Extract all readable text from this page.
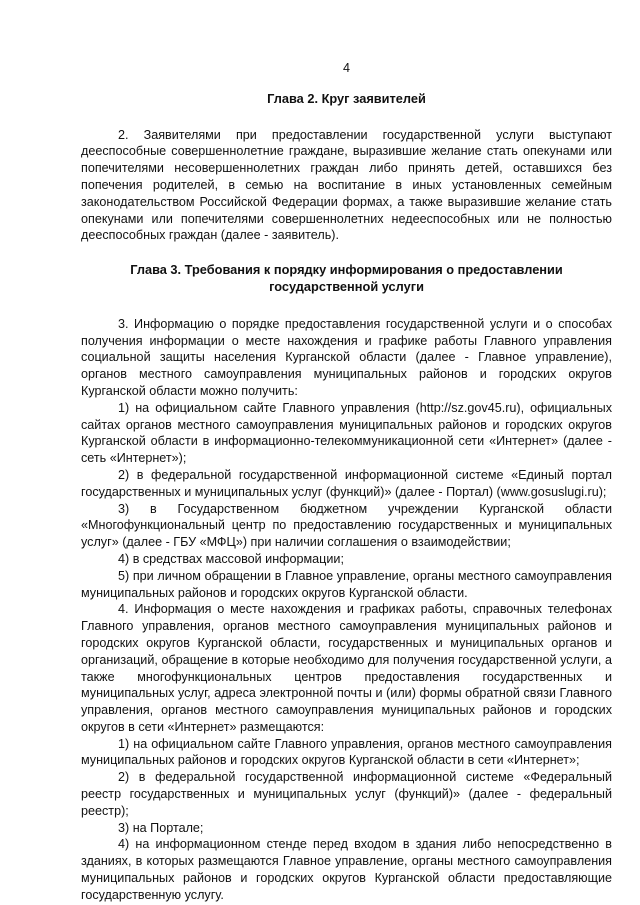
4
Глава 2. Круг заявителей

2. Заявителями при предоставлении государственной услуги выступают дееспособные совершеннолетние граждане, выразившие желание стать опекунами или попечителями несовершеннолетних граждан либо принять детей, оставшихся без попечения родителей, в семью на воспитание в иных установленных семейным законодательством Российской Федерации формах, а также выразившие желание стать опекунами или попечителями совершеннолетних недееспособных или не полностью дееспособных граждан (далее - заявитель).

Глава 3. Требования к порядку информирования о предоставлении
государственной услуги

3. Информацию о порядке предоставления государственной услуги и о способах получения информации о месте нахождения и графике работы Главного управления социальной защиты населения Курганской области (далее - Главное управление), органов местного самоуправления муниципальных районов и городских округов Курганской области можно получить:

1) на официальном сайте Главного управления (http://sz.gov45.ru), официальных сайтах органов местного самоуправления муниципальных районов и городских округов Курганской области в информационно-телекоммуникационной сети «Интернет» (далее - сеть «Интернет»);

2) в федеральной государственной информационной системе «Единый портал государственных и муниципальных услуг (функций)» (далее - Портал) (www.gosuslugi.ru);

3) в Государственном бюджетном учреждении Курганской области «Многофункциональный центр по предоставлению государственных и муниципальных услуг» (далее - ГБУ «МФЦ») при наличии соглашения о взаимодействии;

4) в средствах массовой информации;

5) при личном обращении в Главное управление, органы местного самоуправления муниципальных районов и городских округов Курганской области.

4. Информация о месте нахождения и графиках работы, справочных телефонах Главного управления, органов местного самоуправления муниципальных районов и городских округов Курганской области, государственных и муниципальных органов и организаций, обращение в которые необходимо для получения государственной услуги, а также многофункциональных центров предоставления государственных и муниципальных услуг, адреса электронной почты и (или) формы обратной связи Главного управления, органов местного самоуправления муниципальных районов и городских округов в сети «Интернет» размещаются:

1) на официальном сайте Главного управления, органов местного самоуправления муниципальных районов и городских округов Курганской области в сети «Интернет»;

2) в федеральной государственной информационной системе «Федеральный реестр государственных и муниципальных услуг (функций)» (далее - федеральный реестр);

3) на Портале;

4) на информационном стенде перед входом в здания либо непосредственно в зданиях, в которых размещаются Главное управление, органы местного самоуправления муниципальных районов и городских округов Курганской области предоставляющие государственную услугу.
